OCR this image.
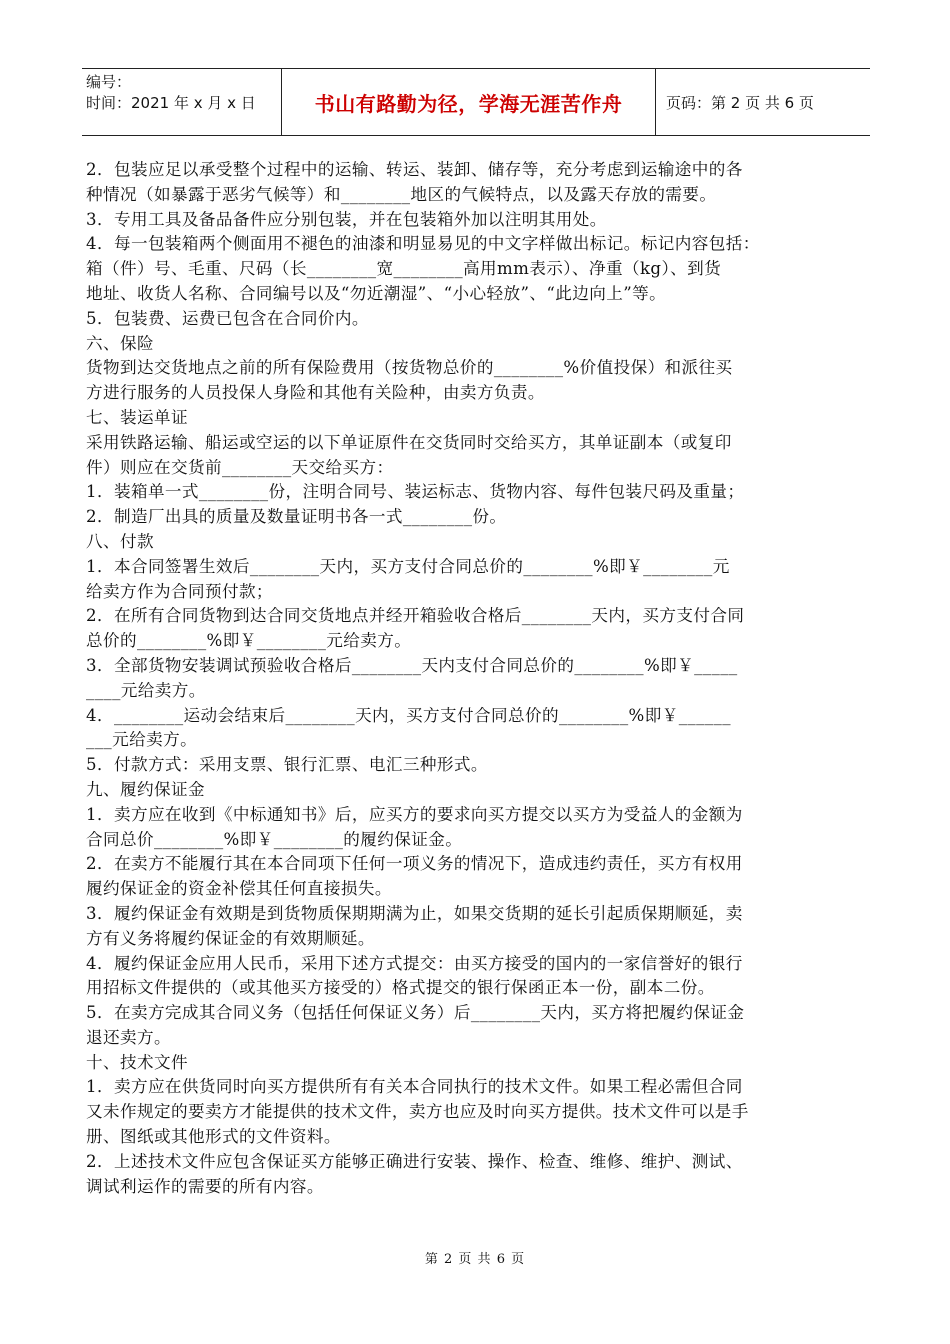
编号：
时间：2021 年 x 月 x 日	书山有路勤为径，学海无涯苦作舟	页码：第 2 页 共 6 页

2．包装应足以承受整个过程中的运输、转运、装卸、储存等，充分考虑到运输途中的各

种情况（如暴露于恶劣气候等）和________地区的气候特点，以及露天存放的需要。

3．专用工具及备品备件应分别包装，并在包装箱外加以注明其用处。

4．每一包装箱两个侧面用不褪色的油漆和明显易见的中文字样做出标记。标记内容包括：

箱（件）号、毛重、尺码（长________宽________高用mm表示）、净重（kg）、到货

地址、收货人名称、合同编号以及“勿近潮湿”、“小心轻放”、“此边向上”等。

5．包装费、运费已包含在合同价内。

六、保险

货物到达交货地点之前的所有保险费用（按货物总价的________%价值投保）和派往买

方进行服务的人员投保人身险和其他有关险种，由卖方负责。

七、装运单证

采用铁路运输、船运或空运的以下单证原件在交货同时交给买方，其单证副本（或复印

件）则应在交货前________天交给买方：

1．装箱单一式________份，注明合同号、装运标志、货物内容、每件包装尺码及重量；

2．制造厂出具的质量及数量证明书各一式________份。

八、付款

1．本合同签署生效后________天内，买方支付合同总价的________%即￥________元

给卖方作为合同预付款；

2．在所有合同货物到达合同交货地点并经开箱验收合格后________天内，买方支付合同

总价的________%即￥________元给卖方。

3．全部货物安装调试预验收合格后________天内支付合同总价的________%即￥_____

____元给卖方。

4．________运动会结束后________天内，买方支付合同总价的________%即￥______

___元给卖方。

5．付款方式：采用支票、银行汇票、电汇三种形式。

九、履约保证金

1．卖方应在收到《中标通知书》后，应买方的要求向买方提交以买方为受益人的金额为

合同总价________%即￥________的履约保证金。

2．在卖方不能履行其在本合同项下任何一项义务的情况下，造成违约责任，买方有权用

履约保证金的资金补偿其任何直接损失。

3．履约保证金有效期是到货物质保期期满为止，如果交货期的延长引起质保期顺延，卖

方有义务将履约保证金的有效期顺延。

4．履约保证金应用人民币，采用下述方式提交：由买方接受的国内的一家信誉好的银行

用招标文件提供的（或其他买方接受的）格式提交的银行保函正本一份，副本二份。

5．在卖方完成其合同义务（包括任何保证义务）后________天内，买方将把履约保证金

退还卖方。

十、技术文件

1．卖方应在供货同时向买方提供所有有关本合同执行的技术文件。如果工程必需但合同

又未作规定的要卖方才能提供的技术文件，卖方也应及时向买方提供。技术文件可以是手

册、图纸或其他形式的文件资料。

2．上述技术文件应包含保证买方能够正确进行安装、操作、检查、维修、维护、测试、

调试利运作的需要的所有内容。

第 2 页 共 6 页
